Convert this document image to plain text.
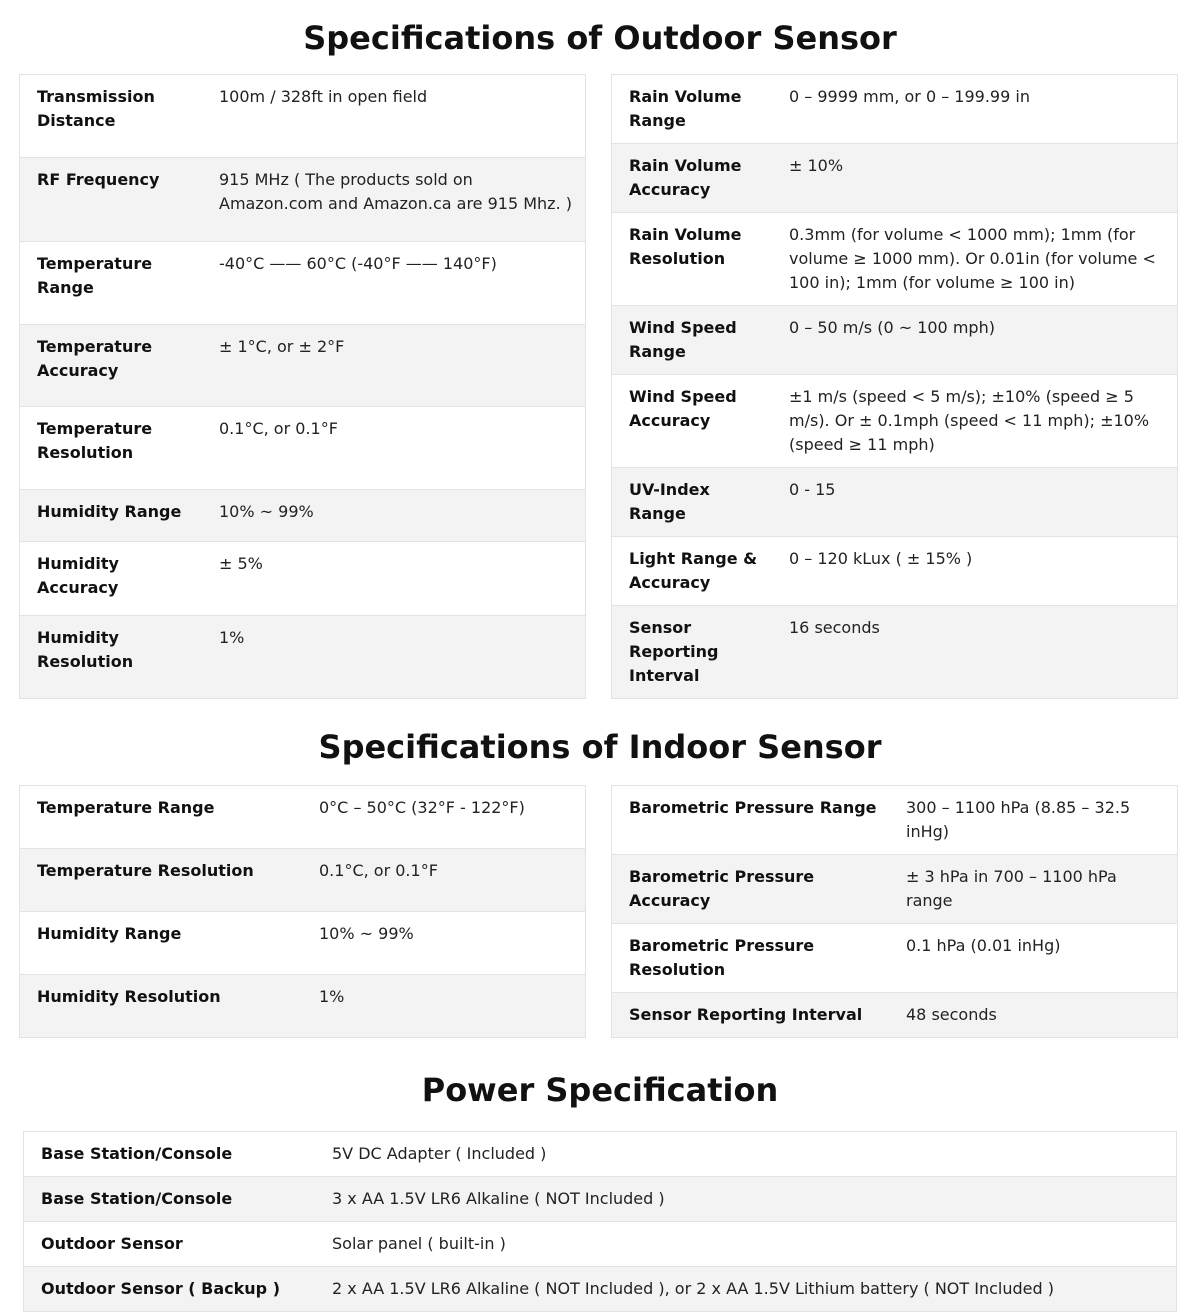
Specifications of Outdoor Sensor
Transmission Distance	100m / 328ft in open field

RF Frequency	915 MHz ( The products sold on Amazon.com and Amazon.ca are 915 Mhz. )

Temperature Range	-40°C —— 60°C (-40°F —— 140°F)

Temperature Accuracy	± 1°C, or ± 2°F

Temperature Resolution	0.1°C, or 0.1°F

Humidity Range	10% ~ 99%

Humidity Accuracy	± 5%

Humidity Resolution	1%
Rain Volume Range	0 – 9999 mm, or 0 – 199.99 in

Rain Volume Accuracy	± 10%

Rain Volume Resolution	0.3mm (for volume < 1000 mm); 1mm (for volume ≥ 1000 mm). Or 0.01in (for volume < 100 in); 1mm (for volume ≥ 100 in)

Wind Speed Range	0 – 50 m/s (0 ~ 100 mph)

Wind Speed Accuracy	±1 m/s (speed < 5 m/s); ±10% (speed ≥ 5 m/s). Or ± 0.1mph (speed < 11 mph); ±10% (speed ≥ 11 mph)

UV-Index Range	0 - 15

Light Range & Accuracy	0 – 120 kLux ( ± 15% )

Sensor Reporting Interval	16 seconds
Specifications of Indoor Sensor
Temperature Range	0°C – 50°C (32°F - 122°F)

Temperature Resolution	0.1°C, or 0.1°F

Humidity Range	10% ~ 99%

Humidity Resolution	1%
Barometric Pressure Range	300 – 1100 hPa (8.85 – 32.5 inHg)

Barometric Pressure Accuracy	± 3 hPa in 700 – 1100 hPa range

Barometric Pressure Resolution	0.1 hPa (0.01 inHg)

Sensor Reporting Interval	48 seconds
Power Specification
Base Station/Console	5V DC Adapter ( Included )

Base Station/Console	3 x AA 1.5V LR6 Alkaline ( NOT Included )

Outdoor Sensor	Solar panel ( built-in )

Outdoor Sensor ( Backup )	2 x AA 1.5V LR6 Alkaline ( NOT Included ), or 2 x AA 1.5V Lithium battery ( NOT Included )
